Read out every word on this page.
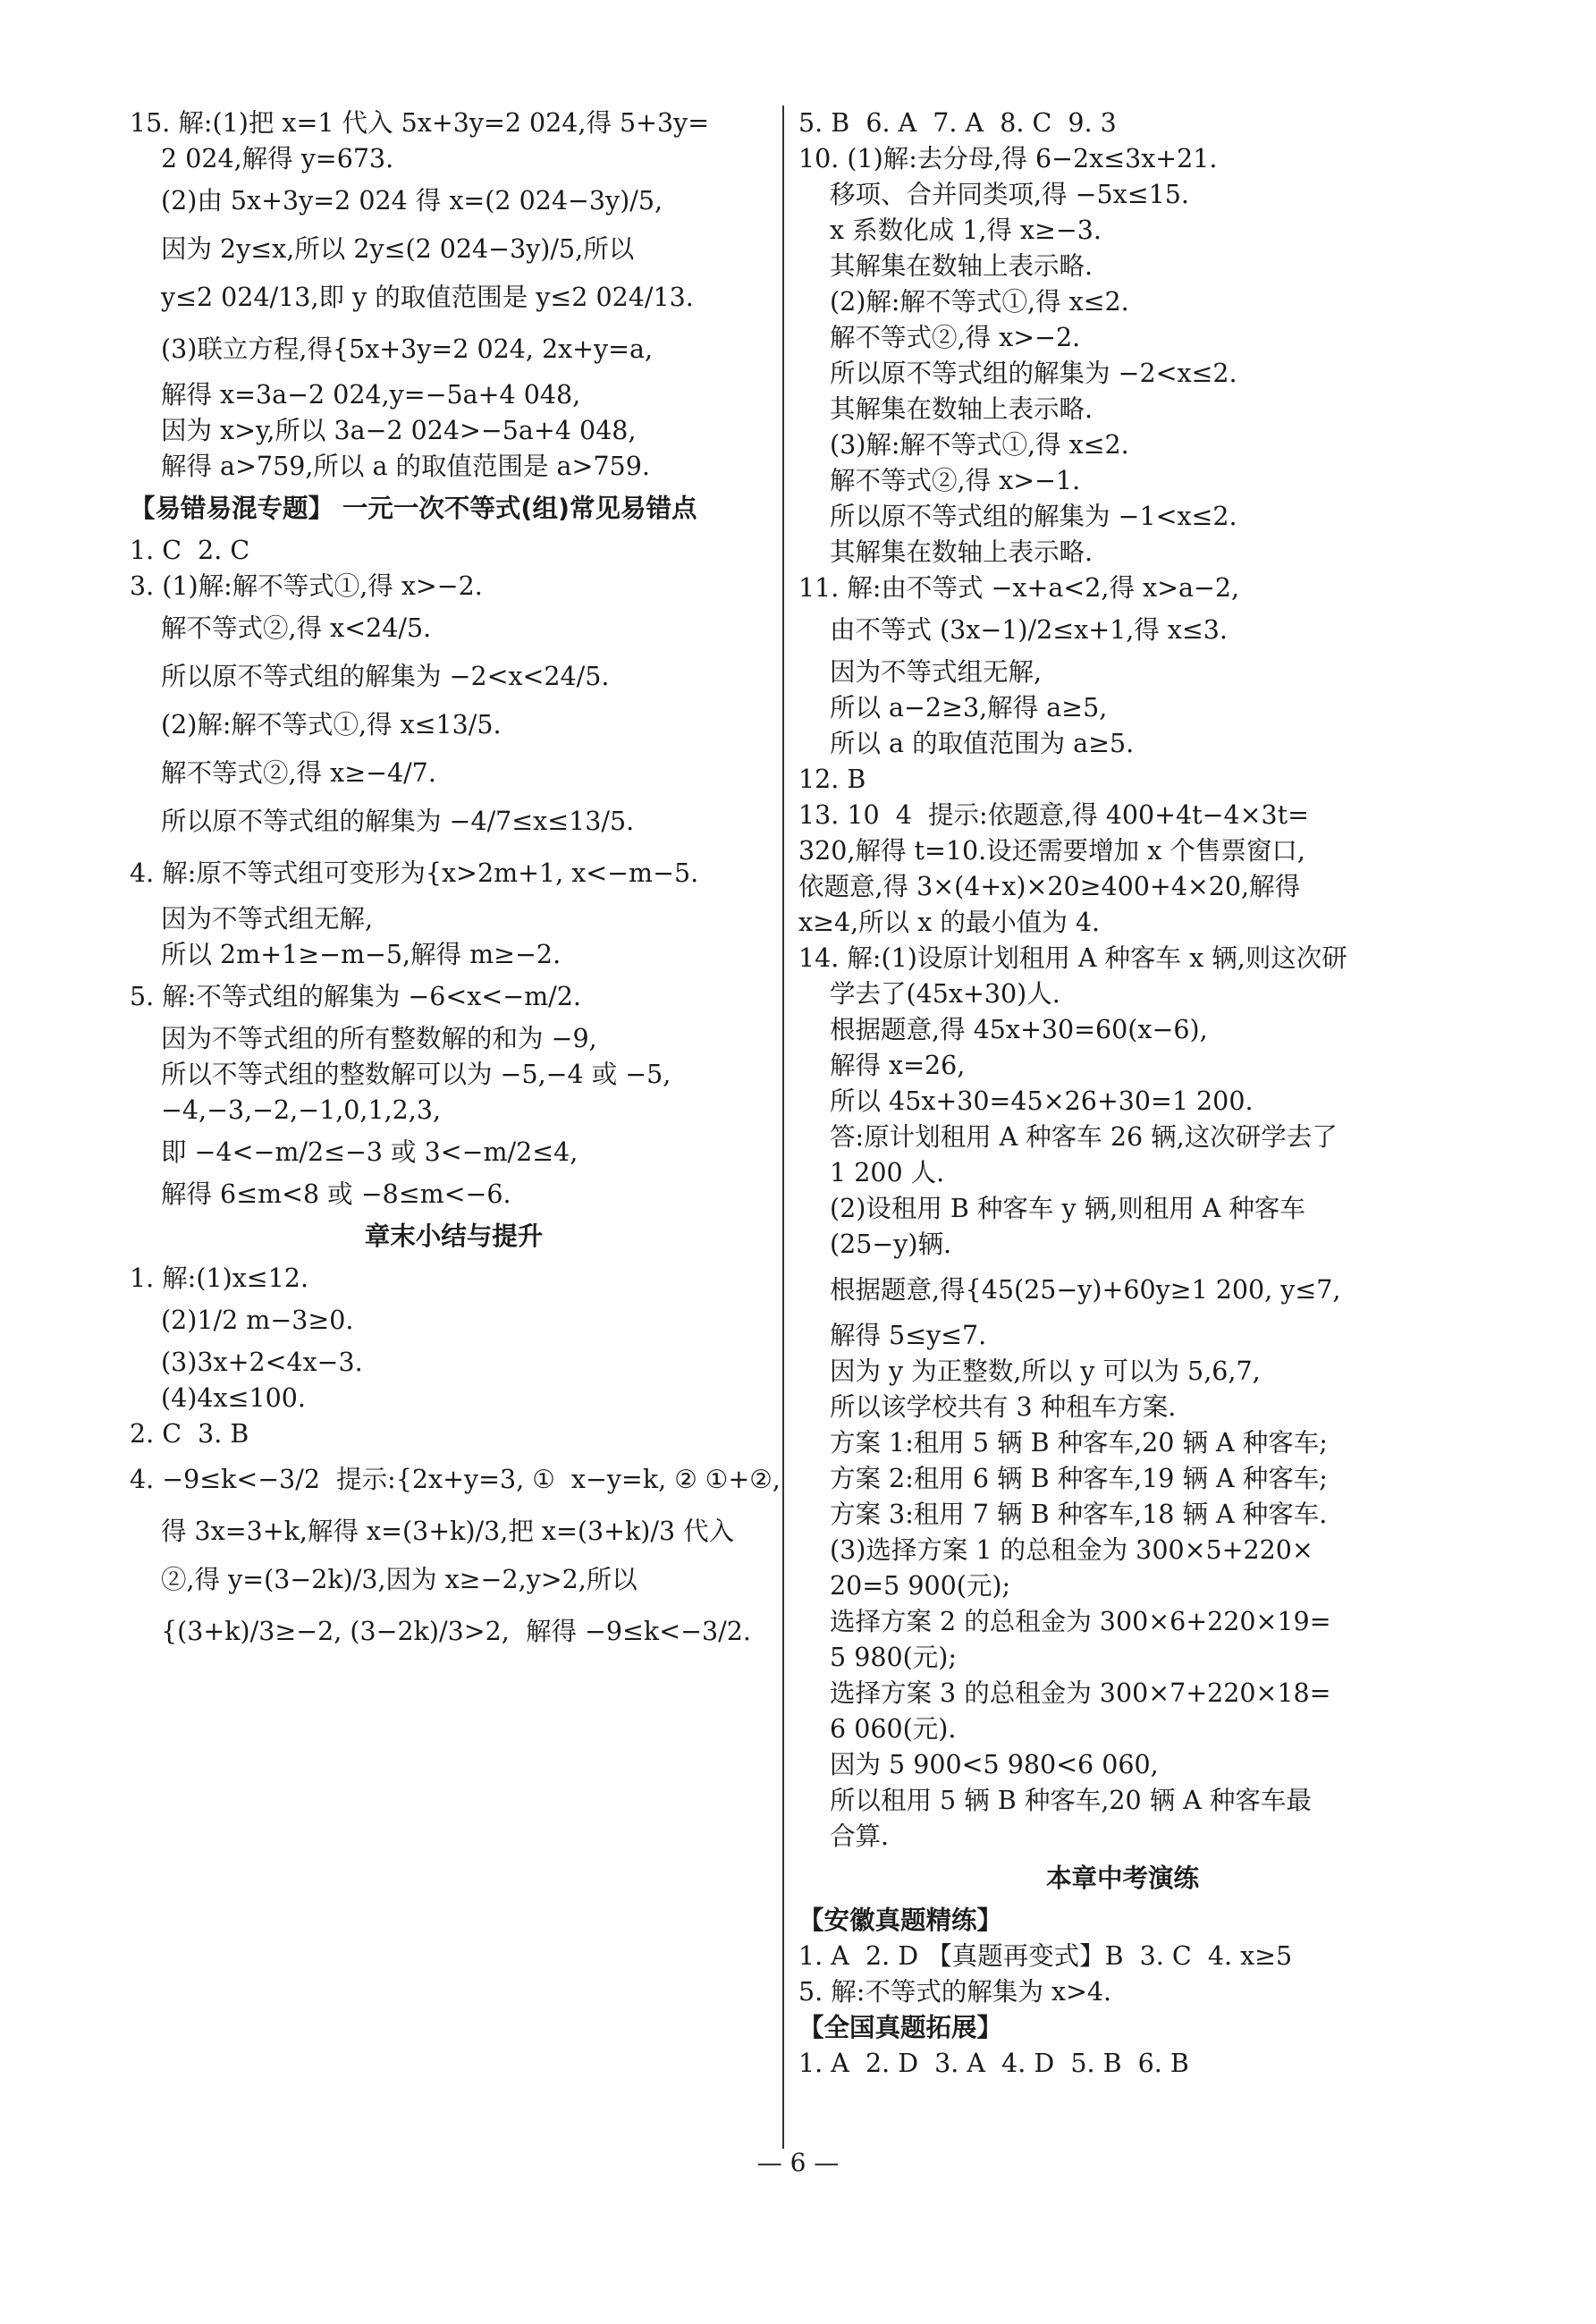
15. 解:(1)把 x=1 代入 5x+3y=2 024,得 5+3y=
2 024,解得 y=673.
(2)由 5x+3y=2 024 得 x=(2 024−3y)/5,
因为 2y≤x,所以 2y≤(2 024−3y)/5,所以
y≤2 024/13,即 y 的取值范围是 y≤2 024/13.
(3)联立方程,得{5x+3y=2 024, 2x+y=a,
解得 x=3a−2 024,y=−5a+4 048,
因为 x>y,所以 3a−2 024>−5a+4 048,
解得 a>759,所以 a 的取值范围是 a>759.
【易错易混专题】 一元一次不等式(组)常见易错点
1. C  2. C
3. (1)解:解不等式①,得 x>−2.
解不等式②,得 x<24/5.
所以原不等式组的解集为 −2<x<24/5.
(2)解:解不等式①,得 x≤13/5.
解不等式②,得 x≥−4/7.
所以原不等式组的解集为 −4/7≤x≤13/5.
4. 解:原不等式组可变形为{x>2m+1, x<−m−5.
因为不等式组无解,
所以 2m+1≥−m−5,解得 m≥−2.
5. 解:不等式组的解集为 −6<x<−m/2.
因为不等式组的所有整数解的和为 −9,
所以不等式组的整数解可以为 −5,−4 或 −5,
−4,−3,−2,−1,0,1,2,3,
即 −4<−m/2≤−3 或 3<−m/2≤4,
解得 6≤m<8 或 −8≤m<−6.
章末小结与提升
1. 解:(1)x≤12.
(2)1/2 m−3≥0.
(3)3x+2<4x−3.
(4)4x≤100.
2. C  3. B
4. −9≤k<−3/2  提示:{2x+y=3, ①  x−y=k, ② ①+②,
得 3x=3+k,解得 x=(3+k)/3,把 x=(3+k)/3 代入
②,得 y=(3−2k)/3,因为 x≥−2,y>2,所以
{(3+k)/3≥−2, (3−2k)/3>2,  解得 −9≤k<−3/2.
5. B  6. A  7. A  8. C  9. 3
10. (1)解:去分母,得 6−2x≤3x+21.
移项、合并同类项,得 −5x≤15.
x 系数化成 1,得 x≥−3.
其解集在数轴上表示略.
(2)解:解不等式①,得 x≤2.
解不等式②,得 x>−2.
所以原不等式组的解集为 −2<x≤2.
其解集在数轴上表示略.
(3)解:解不等式①,得 x≤2.
解不等式②,得 x>−1.
所以原不等式组的解集为 −1<x≤2.
其解集在数轴上表示略.
11. 解:由不等式 −x+a<2,得 x>a−2,
由不等式 (3x−1)/2≤x+1,得 x≤3.
因为不等式组无解,
所以 a−2≥3,解得 a≥5,
所以 a 的取值范围为 a≥5.
12. B
13. 10  4  提示:依题意,得 400+4t−4×3t=
320,解得 t=10.设还需要增加 x 个售票窗口,
依题意,得 3×(4+x)×20≥400+4×20,解得
x≥4,所以 x 的最小值为 4.
14. 解:(1)设原计划租用 A 种客车 x 辆,则这次研
学去了(45x+30)人.
根据题意,得 45x+30=60(x−6),
解得 x=26,
所以 45x+30=45×26+30=1 200.
答:原计划租用 A 种客车 26 辆,这次研学去了
1 200 人.
(2)设租用 B 种客车 y 辆,则租用 A 种客车
(25−y)辆.
根据题意,得{45(25−y)+60y≥1 200, y≤7,
解得 5≤y≤7.
因为 y 为正整数,所以 y 可以为 5,6,7,
所以该学校共有 3 种租车方案.
方案 1:租用 5 辆 B 种客车,20 辆 A 种客车;
方案 2:租用 6 辆 B 种客车,19 辆 A 种客车;
方案 3:租用 7 辆 B 种客车,18 辆 A 种客车.
(3)选择方案 1 的总租金为 300×5+220×
20=5 900(元);
选择方案 2 的总租金为 300×6+220×19=
5 980(元);
选择方案 3 的总租金为 300×7+220×18=
6 060(元).
因为 5 900<5 980<6 060,
所以租用 5 辆 B 种客车,20 辆 A 种客车最
合算.
本章中考演练
【安徽真题精练】
1. A  2. D 【真题再变式】B  3. C  4. x≥5
5. 解:不等式的解集为 x>4.
【全国真题拓展】
1. A  2. D  3. A  4. D  5. B  6. B
— 6 —
